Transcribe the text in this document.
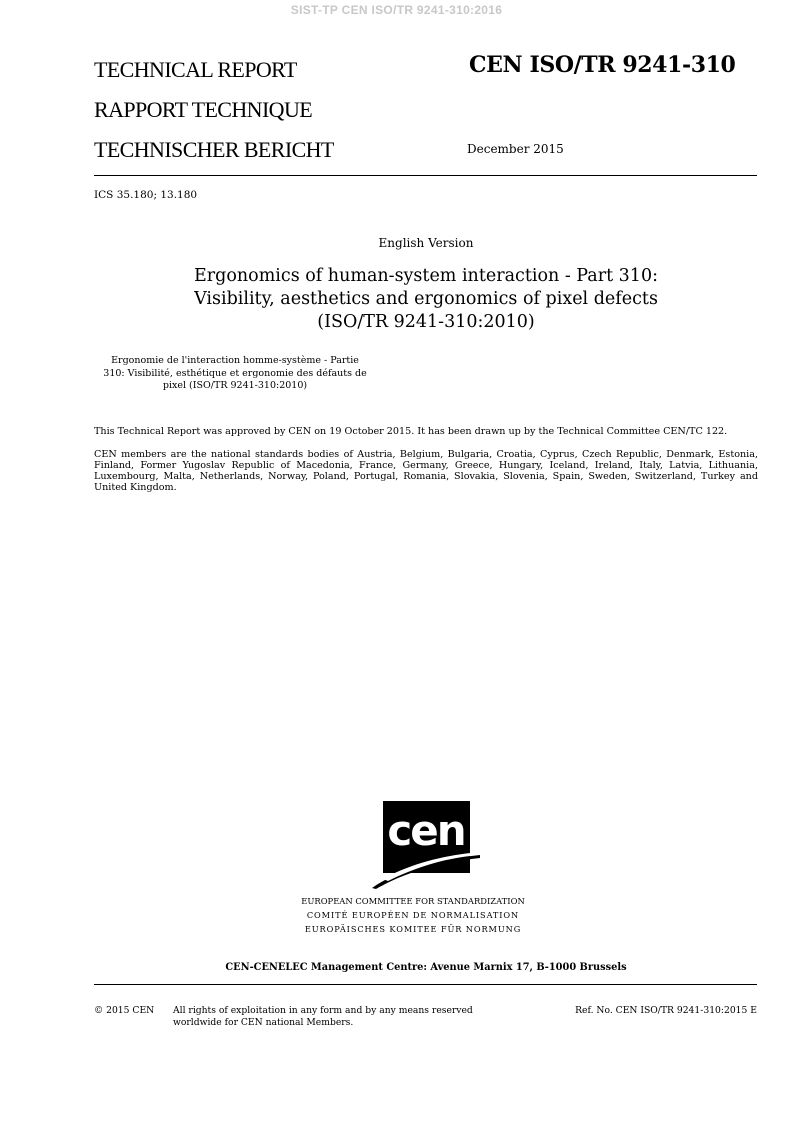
SIST-TP CEN ISO/TR 9241-310:2016
TECHNICAL REPORT
RAPPORT TECHNIQUE
TECHNISCHER BERICHT
CEN ISO/TR 9241-310
December 2015
ICS 35.180; 13.180
English Version
Ergonomics of human-system interaction - Part 310:
Visibility, aesthetics and ergonomics of pixel defects
(ISO/TR 9241-310:2010)
Ergonomie de l'interaction homme-système - Partie
310: Visibilité, esthétique et ergonomie des défauts de
pixel (ISO/TR 9241-310:2010)
This Technical Report was approved by CEN on 19 October 2015. It has been drawn up by the Technical Committee CEN/TC 122.
CEN members are the national standards bodies of Austria, Belgium, Bulgaria, Croatia, Cyprus, Czech Republic, Denmark, Estonia, Finland, Former Yugoslav Republic of Macedonia, France, Germany, Greece, Hungary, Iceland, Ireland, Italy, Latvia, Lithuania, Luxembourg, Malta, Netherlands, Norway, Poland, Portugal, Romania, Slovakia, Slovenia, Spain, Sweden, Switzerland, Turkey and United Kingdom.
cen
EUROPEAN COMMITTEE FOR STANDARDIZATION
COMITÉ EUROPÉEN DE NORMALISATION
EUROPÄISCHES KOMITEE FÜR NORMUNG
CEN-CENELEC Management Centre: Avenue Marnix 17, B-1000 Brussels
© 2015 CEN All rights of exploitation in any form and by any means reserved
worldwide for CEN national Members.
Ref. No. CEN ISO/TR 9241-310:2015 E
